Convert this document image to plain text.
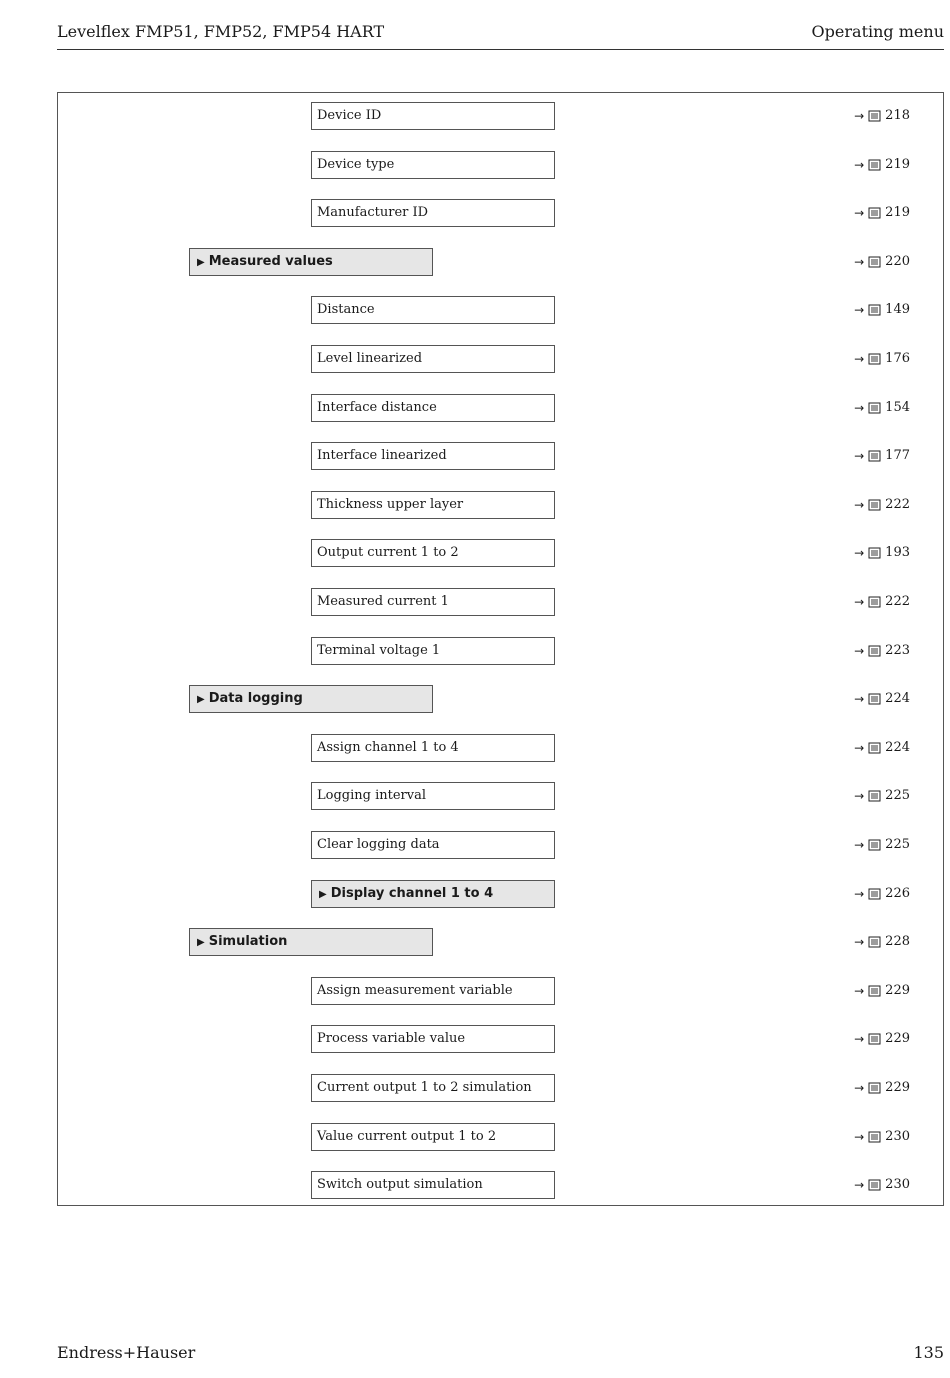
Levelflex FMP51, FMP52, FMP54 HART	Operating menu
Device ID	→ 218
Device type	→ 219
Manufacturer ID	→ 219
▶ Measured values	→ 220
Distance	→ 149
Level linearized	→ 176
Interface distance	→ 154
Interface linearized	→ 177
Thickness upper layer	→ 222
Output current 1 to 2	→ 193
Measured current 1	→ 222
Terminal voltage 1	→ 223
▶ Data logging	→ 224
Assign channel 1 to 4	→ 224
Logging interval	→ 225
Clear logging data	→ 225
▶ Display channel 1 to 4	→ 226
▶ Simulation	→ 228
Assign measurement variable	→ 229
Process variable value	→ 229
Current output 1 to 2 simulation	→ 229
Value current output 1 to 2	→ 230
Switch output simulation	→ 230
Endress+Hauser	135
